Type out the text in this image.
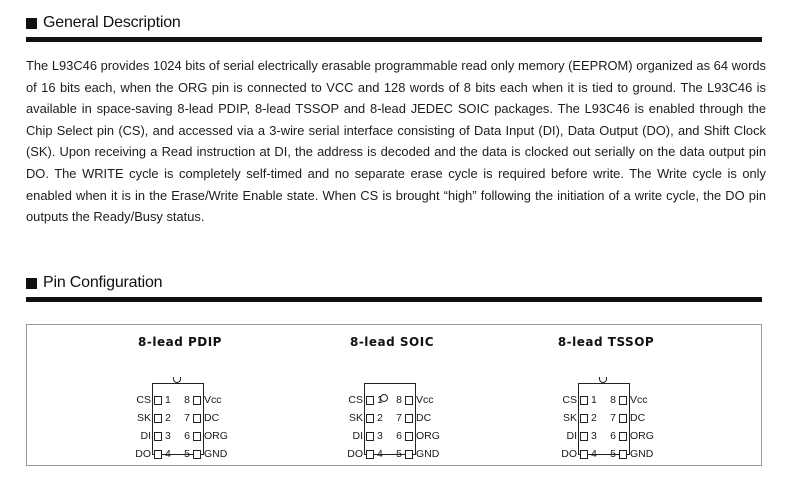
General Description
The L93C46 provides 1024 bits of serial electrically erasable programmable read only memory (EEPROM) organized as 64 words of 16 bits each, when the ORG pin is connected to VCC and 128 words of 8 bits each when it is tied to ground. The L93C46 is available in space-saving 8-lead PDIP, 8-lead TSSOP and 8-lead JEDEC SOIC packages. The L93C46 is enabled through the Chip Select pin (CS), and accessed via a 3-wire serial interface consisting of Data Input (DI), Data Output (DO), and Shift Clock (SK). Upon receiving a Read instruction at DI, the address is decoded and the data is clocked out serially on the data output pin DO. The WRITE cycle is completely self-timed and no separate erase cycle is required before write. The Write cycle is only enabled when it is in the Erase/Write Enable state. When CS is brought “high” following the initiation of a write cycle, the DO pin outputs the Ready/Busy status.
Pin Configuration
8-lead PDIP
CS 1
SK 2
DI 3
DO 4
8 Vcc
7 DC
6 ORG
5 GND
8-lead SOIC
CS 1
SK 2
DI 3
DO 4
8 Vcc
7 DC
6 ORG
5 GND
8-lead TSSOP
CS 1
SK 2
DI 3
DO 4
8 Vcc
7 DC
6 ORG
5 GND
